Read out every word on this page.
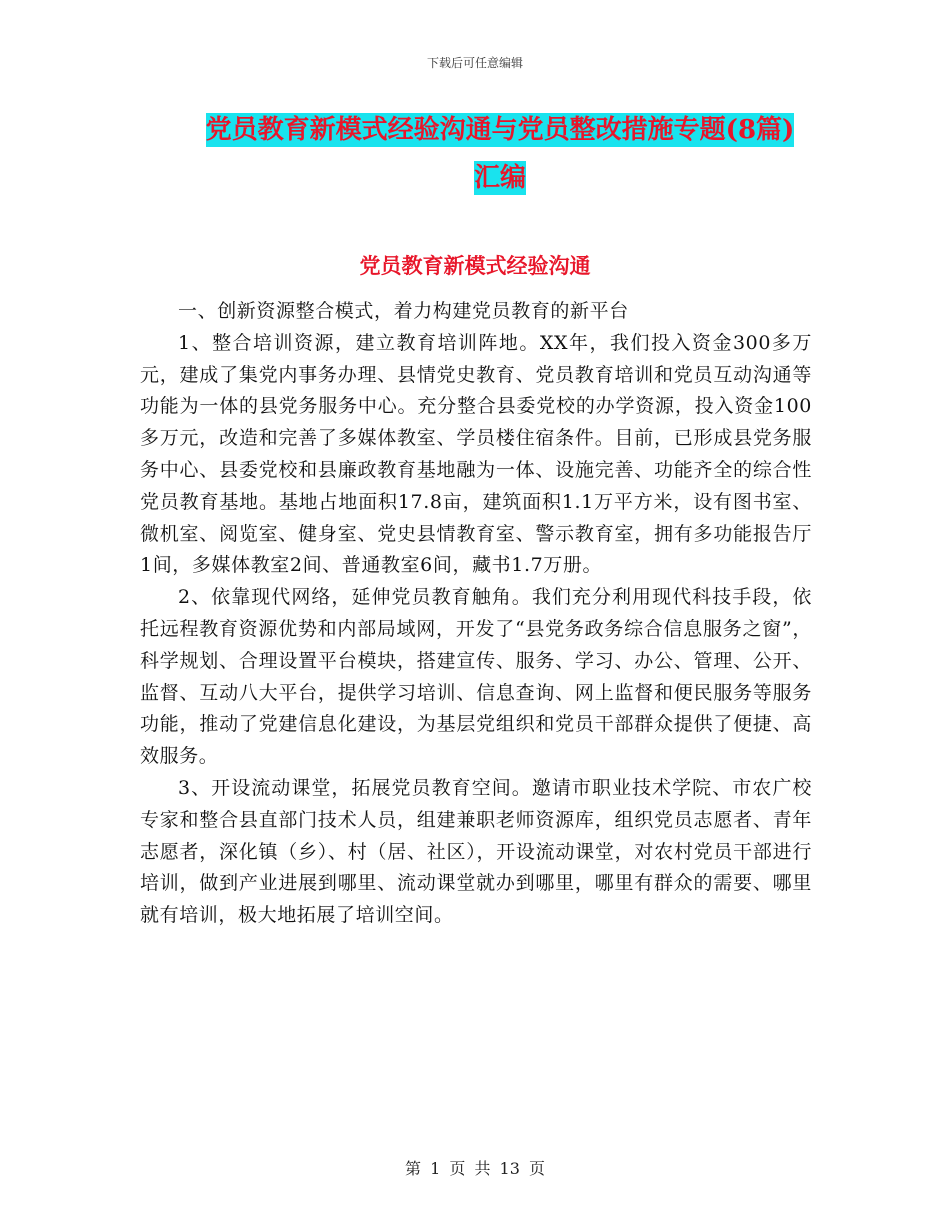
下载后可任意编辑
党员教育新模式经验沟通与党员整改措施专题(8篇)
汇编
党员教育新模式经验沟通

一、创新资源整合模式，着力构建党员教育的新平台

1、整合培训资源，建立教育培训阵地。XX年，我们投入资金300多万元，建成了集党内事务办理、县情党史教育、党员教育培训和党员互动沟通等功能为一体的县党务服务中心。充分整合县委党校的办学资源，投入资金100多万元，改造和完善了多媒体教室、学员楼住宿条件。目前，已形成县党务服务中心、县委党校和县廉政教育基地融为一体、设施完善、功能齐全的综合性党员教育基地。基地占地面积17.8亩，建筑面积1.1万平方米，设有图书室、微机室、阅览室、健身室、党史县情教育室、警示教育室，拥有多功能报告厅1间，多媒体教室2间、普通教室6间，藏书1.7万册。

2、依靠现代网络，延伸党员教育触角。我们充分利用现代科技手段，依托远程教育资源优势和内部局域网，开发了“县党务政务综合信息服务之窗”，科学规划、合理设置平台模块，搭建宣传、服务、学习、办公、管理、公开、监督、互动八大平台，提供学习培训、信息查询、网上监督和便民服务等服务功能，推动了党建信息化建设，为基层党组织和党员干部群众提供了便捷、高效服务。

3、开设流动课堂，拓展党员教育空间。邀请市职业技术学院、市农广校专家和整合县直部门技术人员，组建兼职老师资源库，组织党员志愿者、青年志愿者，深化镇（乡）、村（居、社区），开设流动课堂，对农村党员干部进行培训，做到产业进展到哪里、流动课堂就办到哪里，哪里有群众的需要、哪里就有培训，极大地拓展了培训空间。

第 1 页 共 13 页
